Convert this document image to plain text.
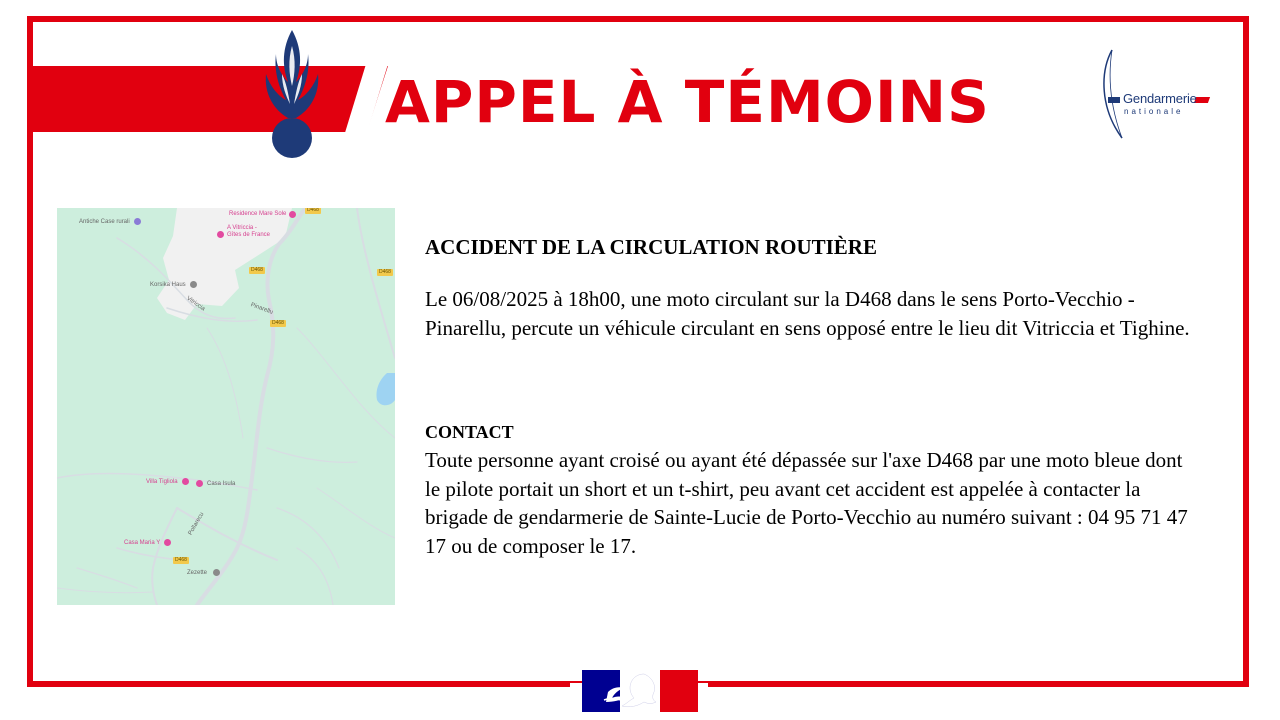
APPEL À TÉMOINS	Gendarmerie
nationale
Antiche Case rurali
Residence Mare Sole
A Vitriccia -
Gîtes de France
Korsika Haus
Vitriccia	Pinarellu
Villa Tigliola	Casa Isula
Pollarecu
Casa Maria Y
Zezette
D468
D468	D468
D468
D468
ACCIDENT DE LA CIRCULATION ROUTIÈRE

Le 06/08/2025 à 18h00, une moto circulant sur la D468 dans le sens Porto-Vecchio - Pinarellu, percute un véhicule circulant en sens opposé entre le lieu dit Vitriccia et Tighine.

CONTACT

Toute personne ayant croisé ou ayant été dépassée sur l'axe D468 par une moto bleue dont le pilote portait un short et un t-shirt, peu avant cet accident est appelée à contacter la brigade de gendarmerie de Sainte-Lucie de Porto-Vecchio au numéro suivant : 04 95 71 47 17 ou de composer le 17.
